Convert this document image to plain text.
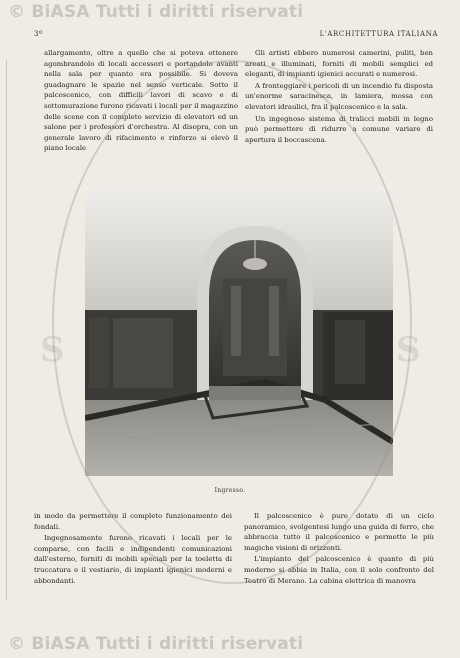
© BiASA Tutti i diritti riservati
3º	L'ARCHITETTURA ITALIANA

allargamento, oltre a quello che si poteva ottenere agombrandolo di locali accessori e portandolo avanti nella sala per quanto era possibile. Si doveva guadagnare le spazie nel senso verticale. Sotto il palcoscenico, con difficili lavori di scavo e di sottomurazione furono ricavati i locali per il magazzino delle scene con il completo servizio di elevatori ed un salone per i professori d'orchestra. Al disopra, con un generale lavoro di rifacimento e rinforzo si elevò il piano locale

Gli artisti ebbero numerosi camerini, puliti, ben areati e illuminati, forniti di mobili semplici ed eleganti, di impianti igienici accurati e numerosi.

A fronteggiare i pericoli di un incendio fu disposta un'enorme saracinesca, in lamiera, mossa con elevatori idraulici, fra il palcoscenico e la sala.

Un ingegnoso sistema di tralicci mobili in legno può permettere di ridurre a comune variare di apertura il boccascena.

Ingresso.

in modo da permettere il completo funzionamento dei fondali.

Ingegnosamente furono ricavati i locali per le comparse, con facili e indipendenti comunicazioni dall'esterno, forniti di mobili speciali per la toeletta di truccatura e il vestiario, di impianti igienici moderni e abbondanti.

Il palcoscenico è pure dotato di un ciclo panoramico, svolgentesi lungo una guida di ferro, che abbraccia tutto il palcoscenico e permette le più magiche visioni di orizzonti.

L'impianto del palcoscenico è quanto di più moderno si abbia in Italia, con il solo confronto del Teatro di Merano. La cabina elettrica di manovra

S	S
© BiASA Tutti i diritti riservati
